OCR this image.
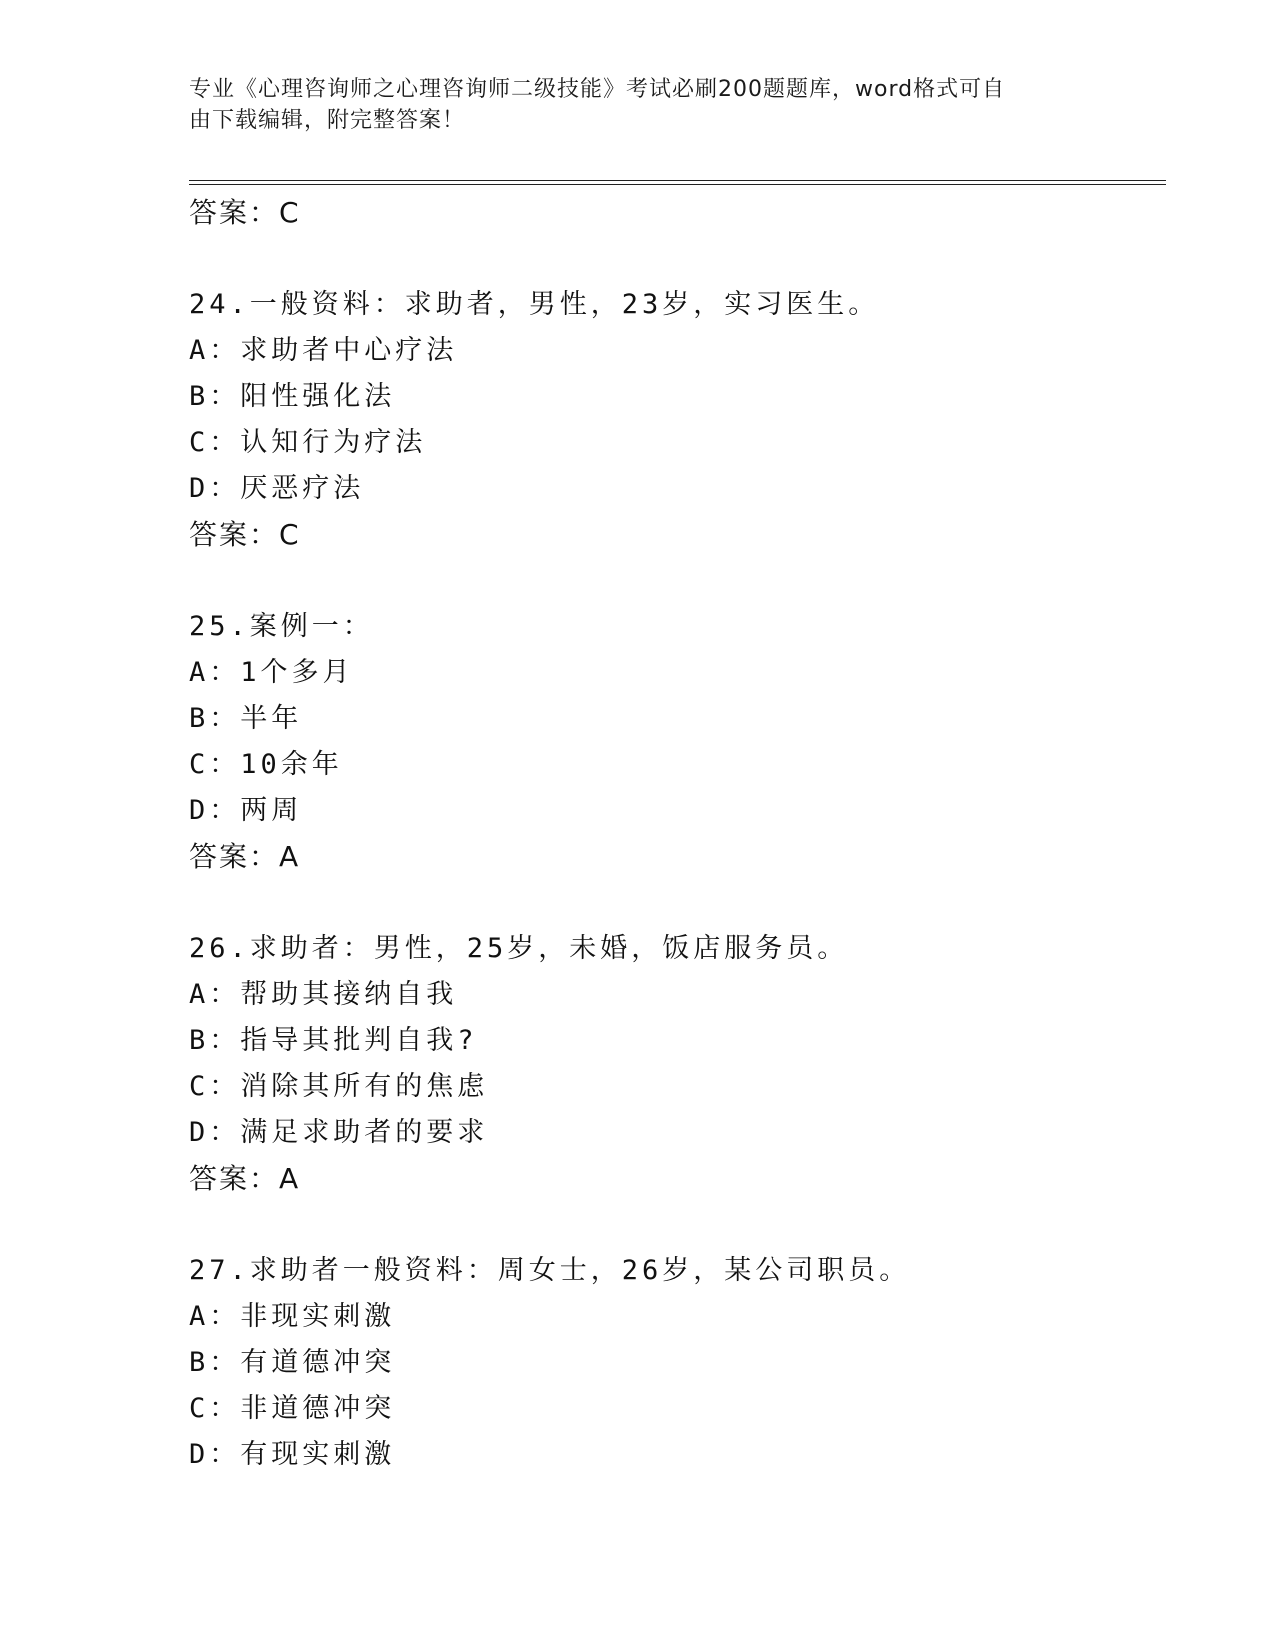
专业《心理咨询师之心理咨询师二级技能》考试必刷200题题库，word格式可自
由下载编辑，附完整答案！
答案：C
24.一般资料：求助者，男性，23岁，实习医生。
A：求助者中心疗法
B：阳性强化法
C：认知行为疗法
D：厌恶疗法
答案：C
25.案例一：
A：1个多月
B：半年
C：10余年
D：两周
答案：A
26.求助者：男性，25岁，未婚，饭店服务员。
A：帮助其接纳自我
B：指导其批判自我?
C：消除其所有的焦虑
D：满足求助者的要求
答案：A
27.求助者一般资料：周女士，26岁，某公司职员。
A：非现实刺激
B：有道德冲突
C：非道德冲突
D：有现实刺激
